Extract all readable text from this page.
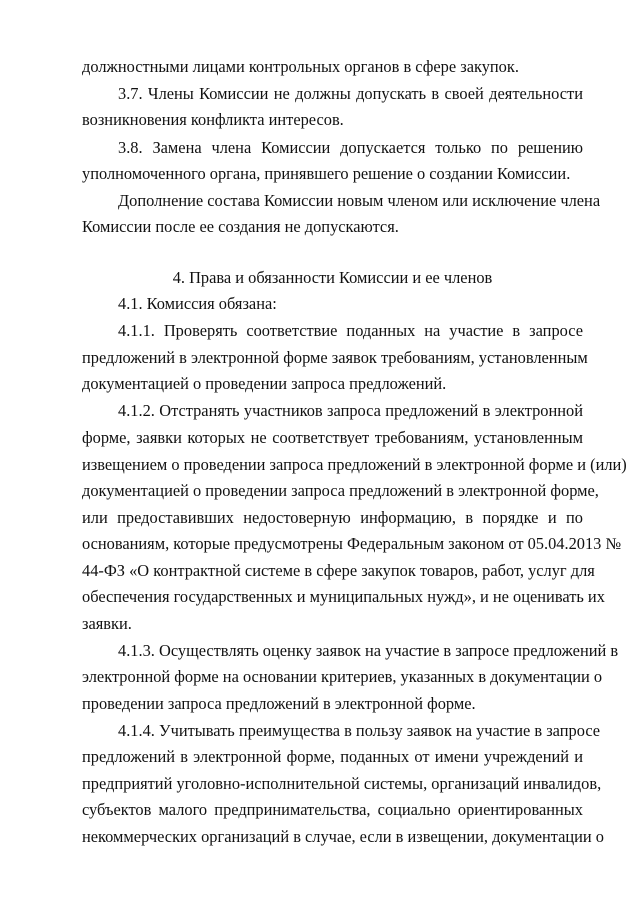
должностными лицами контрольных органов в сфере закупок.
3.7. Члены Комиссии не должны допускать в своей деятельности
возникновения конфликта интересов.
3.8. Замена члена Комиссии допускается только по решению
уполномоченного органа, принявшего решение о создании Комиссии.
Дополнение состава Комиссии новым членом или исключение члена
Комиссии после ее создания не допускаются.
4. Права и обязанности Комиссии и ее членов
4.1. Комиссия обязана:
4.1.1. Проверять соответствие поданных на участие в запросе
предложений в электронной форме заявок требованиям, установленным
документацией о проведении запроса предложений.
4.1.2. Отстранять участников запроса предложений в электронной
форме, заявки которых не соответствует требованиям, установленным
извещением о проведении запроса предложений в электронной форме и (или)
документацией о проведении запроса предложений в электронной форме,
или предоставивших недостоверную информацию, в порядке и по
основаниям, которые предусмотрены Федеральным законом от 05.04.2013 №
44-ФЗ «О контрактной системе в сфере закупок товаров, работ, услуг для
обеспечения государственных и муниципальных нужд», и не оценивать их
заявки.
4.1.3. Осуществлять оценку заявок на участие в запросе предложений в
электронной форме на основании критериев, указанных в документации о
проведении запроса предложений в электронной форме.
4.1.4. Учитывать преимущества в пользу заявок на участие в запросе
предложений в электронной форме, поданных от имени учреждений и
предприятий уголовно-исполнительной системы, организаций инвалидов,
субъектов малого предпринимательства, социально ориентированных
некоммерческих организаций в случае, если в извещении, документации о
